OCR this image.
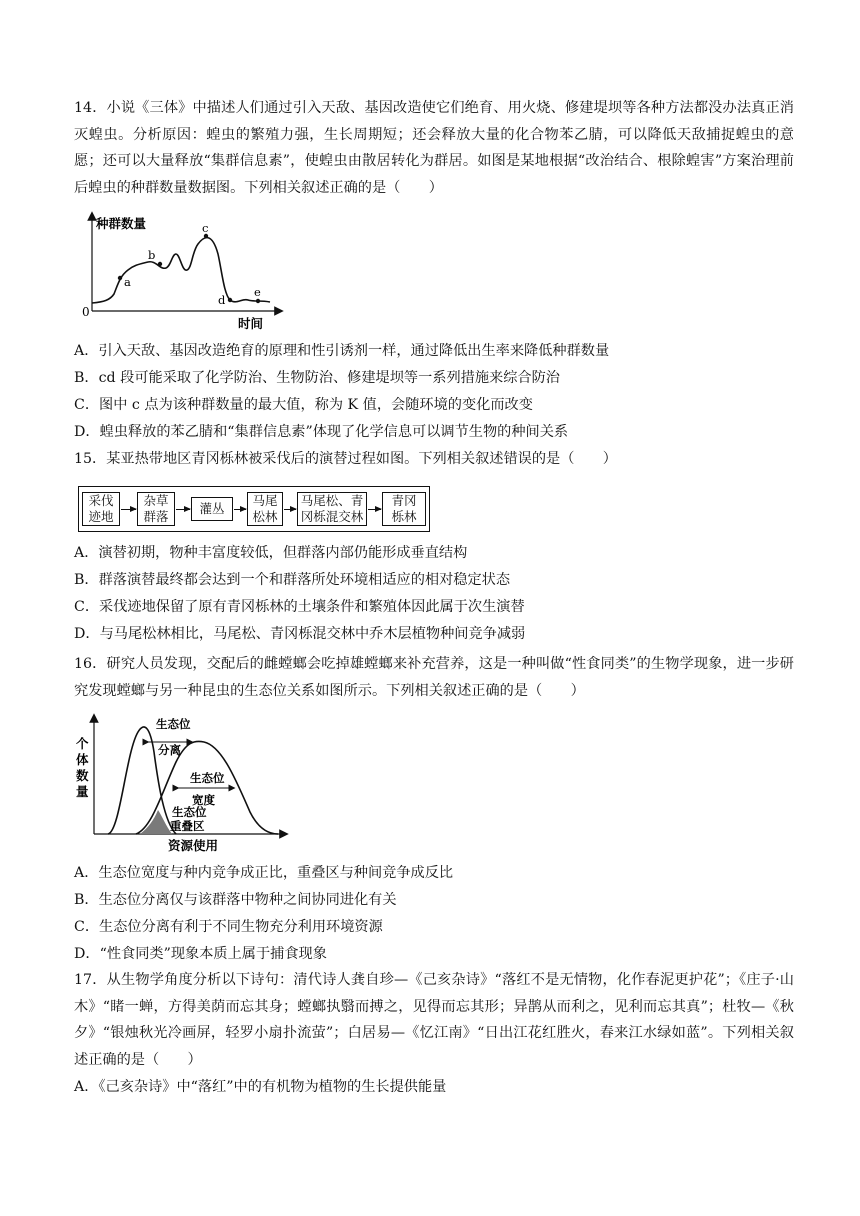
14．小说《三体》中描述人们通过引入天敌、基因改造使它们绝育、用火烧、修建堤坝等各种方法都没办法真正消灭蝗虫。分析原因：蝗虫的繁殖力强，生长周期短；还会释放大量的化合物苯乙腈，可以降低天敌捕捉蝗虫的意愿；还可以大量释放“集群信息素”，使蝗虫由散居转化为群居。如图是某地根据“改治结合、根除蝗害”方案治理前后蝗虫的种群数量数据图。下列相关叙述正确的是（　　）
种群数量
时间
0
a
b
c
d
e
A．引入天敌、基因改造绝育的原理和性引诱剂一样，通过降低出生率来降低种群数量
B．cd 段可能采取了化学防治、生物防治、修建堤坝等一系列措施来综合防治
C．图中 c 点为该种群数量的最大值，称为 K 值，会随环境的变化而改变
D．蝗虫释放的苯乙腈和“集群信息素”体现了化学信息可以调节生物的种间关系
15．某亚热带地区青冈栎林被采伐后的演替过程如图。下列相关叙述错误的是（　　）
采伐
迹地
杂草
群落
灌丛
马尾
松林
马尾松、青
冈栎混交林
青冈
栎林
A．演替初期，物种丰富度较低，但群落内部仍能形成垂直结构
B．群落演替最终都会达到一个和群落所处环境相适应的相对稳定状态
C．采伐迹地保留了原有青冈栎林的土壤条件和繁殖体因此属于次生演替
D．与马尾松林相比，马尾松、青冈栎混交林中乔木层植物种间竞争减弱
16．研究人员发现，交配后的雌螳螂会吃掉雄螳螂来补充营养，这是一种叫做“性食同类”的生物学现象，进一步研究发现螳螂与另一种昆虫的生态位关系如图所示。下列相关叙述正确的是（　　）
个 体 数 量
个体数量
生态位
分离
生态位
宽度
生态位
重叠区
资源使用
A．生态位宽度与种内竞争成正比，重叠区与种间竞争成反比
B．生态位分离仅与该群落中物种之间协同进化有关
C．生态位分离有利于不同生物充分利用环境资源
D．“性食同类”现象本质上属于捕食现象
17．从生物学角度分析以下诗句：清代诗人龚自珍—《己亥杂诗》“落红不是无情物，化作春泥更护花”；《庄子·山木》“睹一蝉，方得美荫而忘其身；螳螂执翳而搏之，见得而忘其形；异鹊从而利之，见利而忘其真”；杜牧—《秋夕》“银烛秋光冷画屏，轻罗小扇扑流萤”；白居易—《忆江南》“日出江花红胜火，春来江水绿如蓝”。下列相关叙述正确的是（　　）
A．《己亥杂诗》中“落红”中的有机物为植物的生长提供能量
